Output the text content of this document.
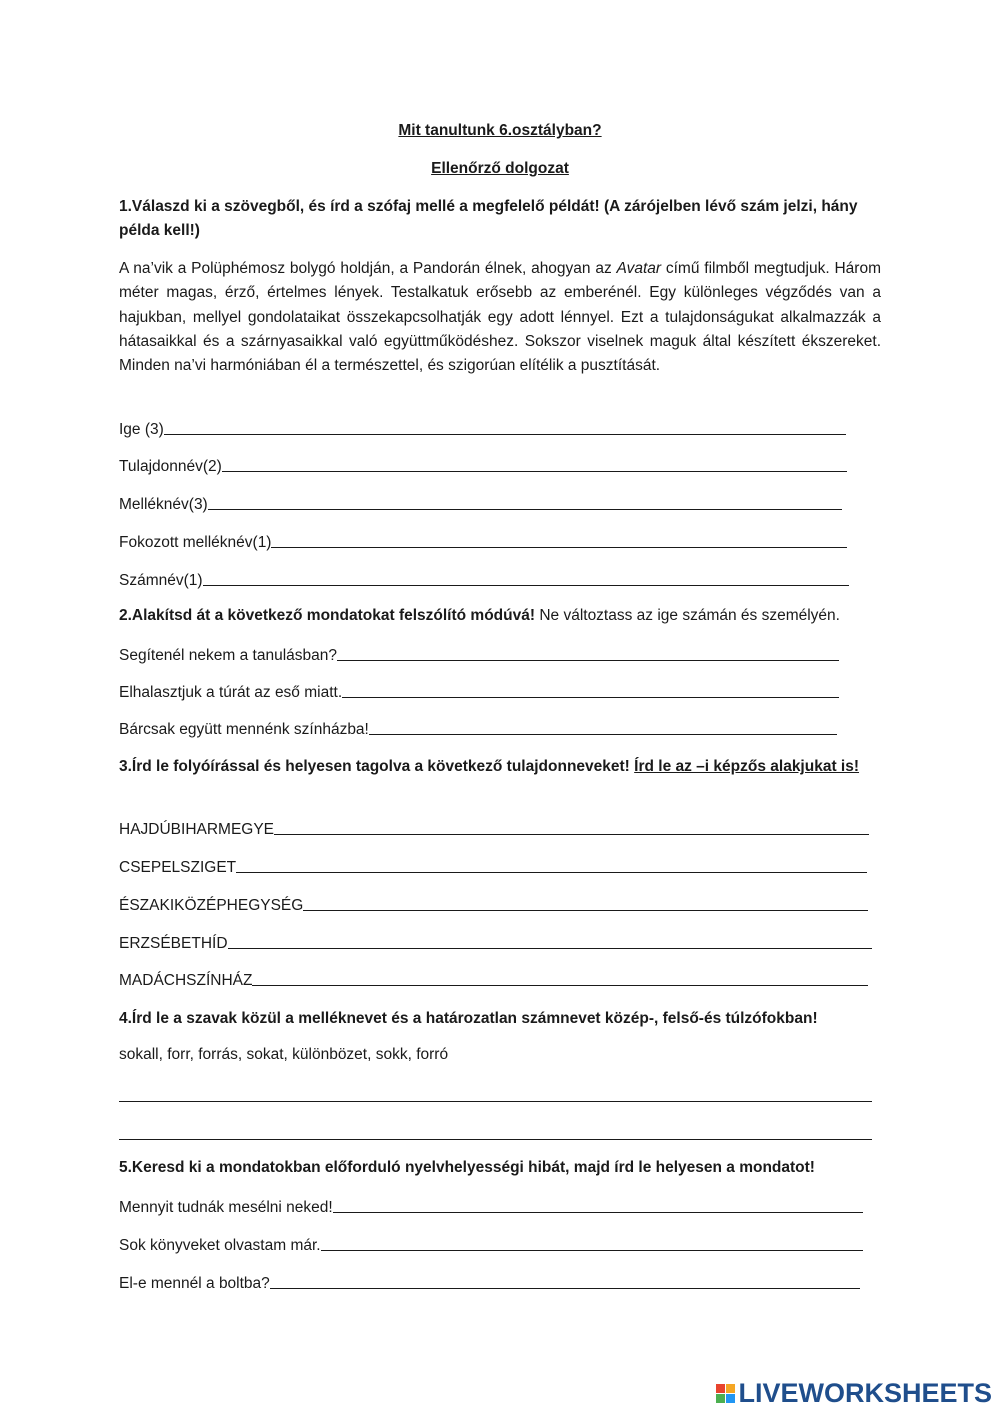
Mit tanultunk 6.osztályban?
Ellenőrző dolgozat
1.Válaszd ki a szövegből, és írd a szófaj mellé a megfelelő példát! (A zárójelben lévő szám jelzi, hány példa kell!)
A na’vik a Polüphémosz bolygó holdján, a Pandorán élnek, ahogyan az Avatar című filmből megtudjuk. Három méter magas, érző, értelmes lények. Testalkatuk erősebb az emberénél. Egy különleges végződés van a hajukban, mellyel gondolataikat összekapcsolhatják egy adott lénnyel. Ezt a tulajdonságukat alkalmazzák a hátasaikkal és a szárnyasaikkal való együttműködéshez. Sokszor viselnek maguk által készített ékszereket. Minden na’vi harmóniában él a természettel, és szigorúan elítélik a pusztítását.
Ige (3)
Tulajdonnév(2)
Melléknév(3)
Fokozott melléknév(1)
Számnév(1)
2.Alakítsd át a következő mondatokat felszólító módúvá! Ne változtass az ige számán és személyén.
Segítenél nekem a tanulásban?
Elhalasztjuk a túrát az eső miatt.
Bárcsak együtt mennénk színházba!
3.Írd le folyóírással és helyesen tagolva a következő tulajdonneveket! Írd le az –i képzős alakjukat is!
HAJDÚBIHARMEGYE
CSEPELSZIGET
ÉSZAKIKÖZÉPHEGYSÉG
ERZSÉBETHÍD
MADÁCHSZÍNHÁZ
4.Írd le a szavak közül a melléknevet és a határozatlan számnevet közép-, felső-és túlzófokban!
sokall, forr, forrás, sokat, különbözet, sokk, forró
5.Keresd ki a mondatokban előforduló nyelvhelyességi hibát, majd írd le helyesen a mondatot!
Mennyit tudnák mesélni neked!
Sok könyveket olvastam már.
El-e mennél a boltba?
LIVEWORKSHEETS
